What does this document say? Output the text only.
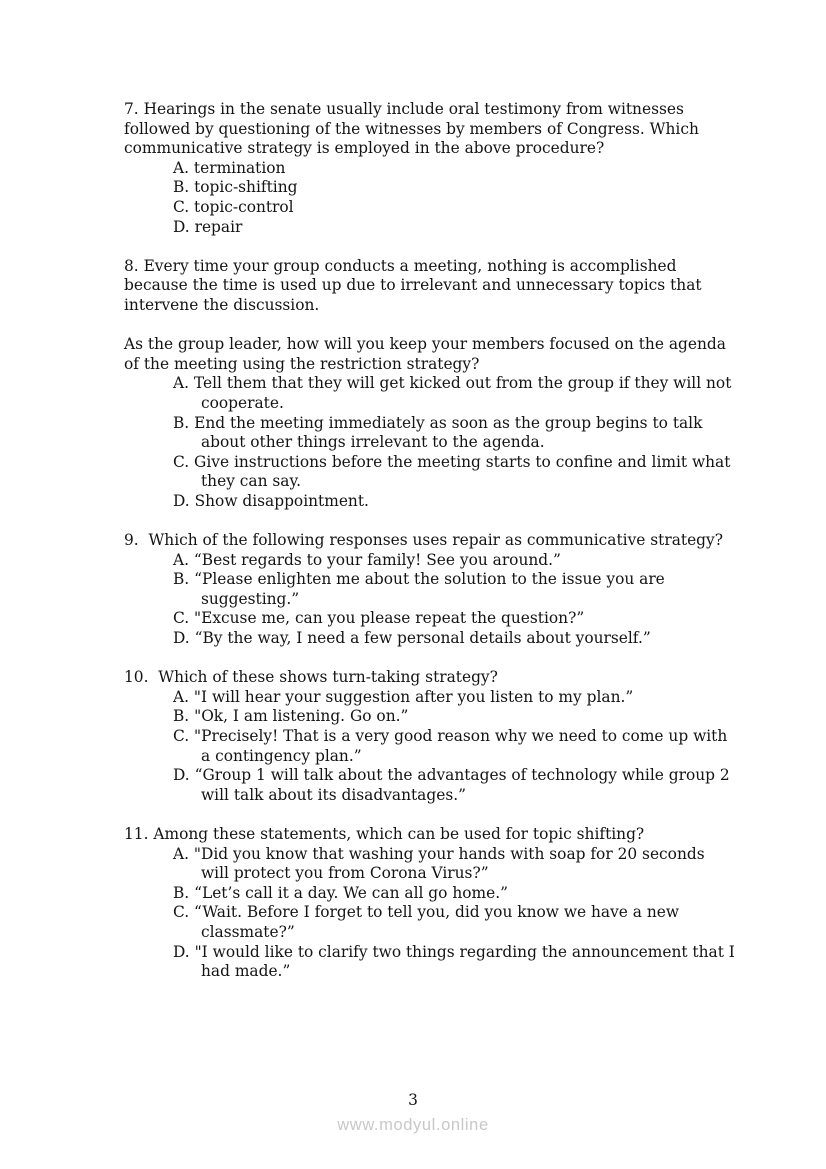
7. Hearings in the senate usually include oral testimony from witnesses followed by questioning of the witnesses by members of Congress. Which communicative strategy is employed in the above procedure?

A. termination
B. topic-shifting
C. topic-control
D. repair

8. Every time your group conducts a meeting, nothing is accomplished because the time is used up due to irrelevant and unnecessary topics that intervene the discussion.

As the group leader, how will you keep your members focused on the agenda of the meeting using the restriction strategy?

A. Tell them that they will get kicked out from the group if they will not cooperate.
B. End the meeting immediately as soon as the group begins to talk about other things irrelevant to the agenda.
C. Give instructions before the meeting starts to confine and limit what they can say.
D. Show disappointment.

9.  Which of the following responses uses repair as communicative strategy?

A. “Best regards to your family! See you around.”
B. “Please enlighten me about the solution to the issue you are suggesting.”
C. "Excuse me, can you please repeat the question?”
D. “By the way, I need a few personal details about yourself.”

10.  Which of these shows turn-taking strategy?

A. "I will hear your suggestion after you listen to my plan.”
B. "Ok, I am listening. Go on.”
C. "Precisely! That is a very good reason why we need to come up with a contingency plan.”
D. “Group 1 will talk about the advantages of technology while group 2 will talk about its disadvantages.”

11. Among these statements, which can be used for topic shifting?

A. "Did you know that washing your hands with soap for 20 seconds will protect you from Corona Virus?”
B. “Let’s call it a day. We can all go home.”
C. “Wait. Before I forget to tell you, did you know we have a new classmate?”
D. "I would like to clarify two things regarding the announcement that I had made.”
3
www.modyul.online
